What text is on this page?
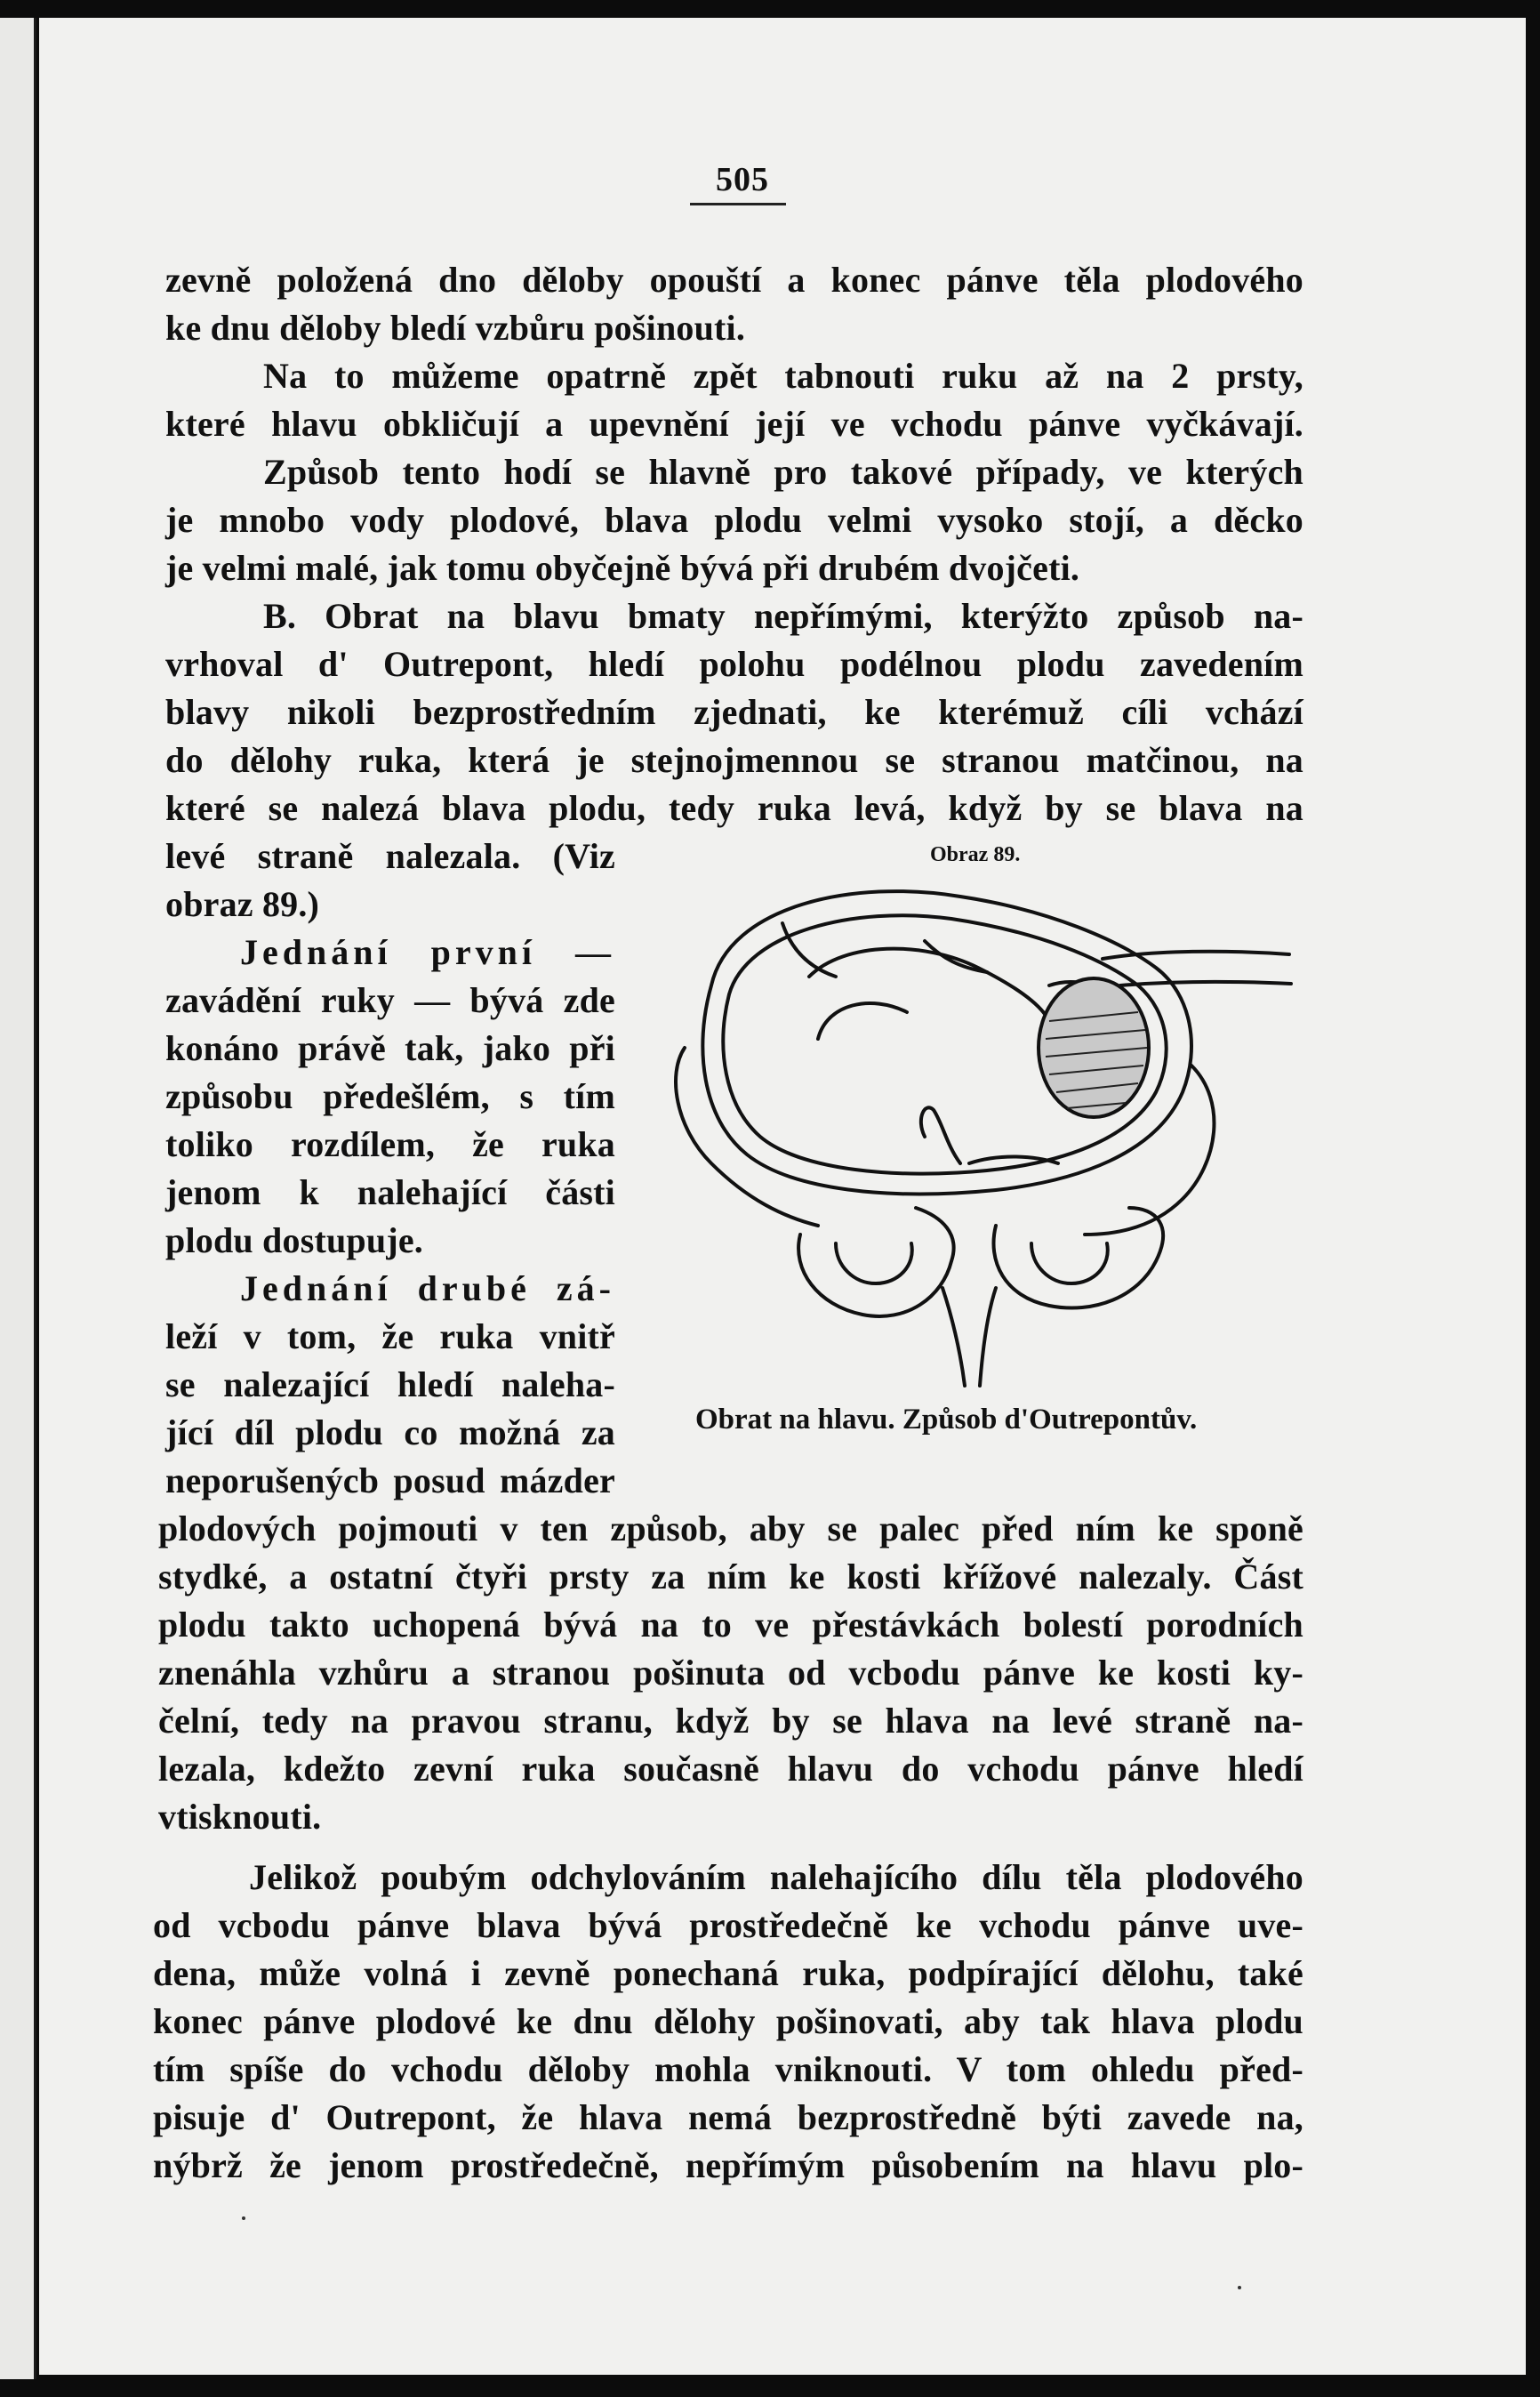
505
zevně položená dno děloby opouští a konec pánve těla plodového
ke dnu děloby bledí vzbůru pošinouti.
Na to můžeme opatrně zpět tabnouti ruku až na 2 prsty,
které hlavu obkličují a upevnění její ve vchodu pánve vyčkávají.
Způsob tento hodí se hlavně pro takové případy, ve kterých
je mnobo vody plodové, blava plodu velmi vysoko stojí, a děcko
je velmi malé, jak tomu obyčejně bývá při drubém dvojčeti.
B. Obrat na blavu bmaty nepřímými, kterýžto způsob na-
vrhoval d' Outrepont, hledí polohu podélnou plodu zavedením
blavy nikoli bezprostředním zjednati, ke kterémuž cíli vchází
do dělohy ruka, která je stejnojmennou se stranou matčinou, na
které se nalezá blava plodu, tedy ruka levá, když by se blava na
levé straně nalezala. (Viz
obraz 89.)
Jednání první —
zavádění ruky — bývá zde
konáno právě tak, jako při
způsobu předešlém, s tím
toliko rozdílem, že ruka
jenom k nalehající části
plodu dostupuje.
Jednání drubé zá-
leží v tom, že ruka vnitř
se nalezající hledí naleha-
jící díl plodu co možná za
neporušenýcb posud mázder
plodových pojmouti v ten způsob, aby se palec před ním ke sponě
stydké, a ostatní čtyři prsty za ním ke kosti křížové nalezaly. Část
plodu takto uchopená bývá na to ve přestávkách bolestí porodních
znenáhla vzhůru a stranou pošinuta od vcbodu pánve ke kosti ky-
čelní, tedy na pravou stranu, když by se hlava na levé straně na-
lezala, kdežto zevní ruka současně hlavu do vchodu pánve hledí
vtisknouti.
Jelikož poubým odchylováním nalehajícího dílu těla plodového
od vcbodu pánve blava bývá prostředečně ke vchodu pánve uve-
dena, může volná i zevně ponechaná ruka, podpírající dělohu, také
konec pánve plodové ke dnu dělohy pošinovati, aby tak hlava plodu
tím spíše do vchodu děloby mohla vniknouti. V tom ohledu před-
pisuje d' Outrepont, že hlava nemá bezprostředně býti zavede na,
nýbrž že jenom prostředečně, nepřímým působením na hlavu plo-
Obraz 89.
Obrat na hlavu. Způsob d'Outrepontův.
